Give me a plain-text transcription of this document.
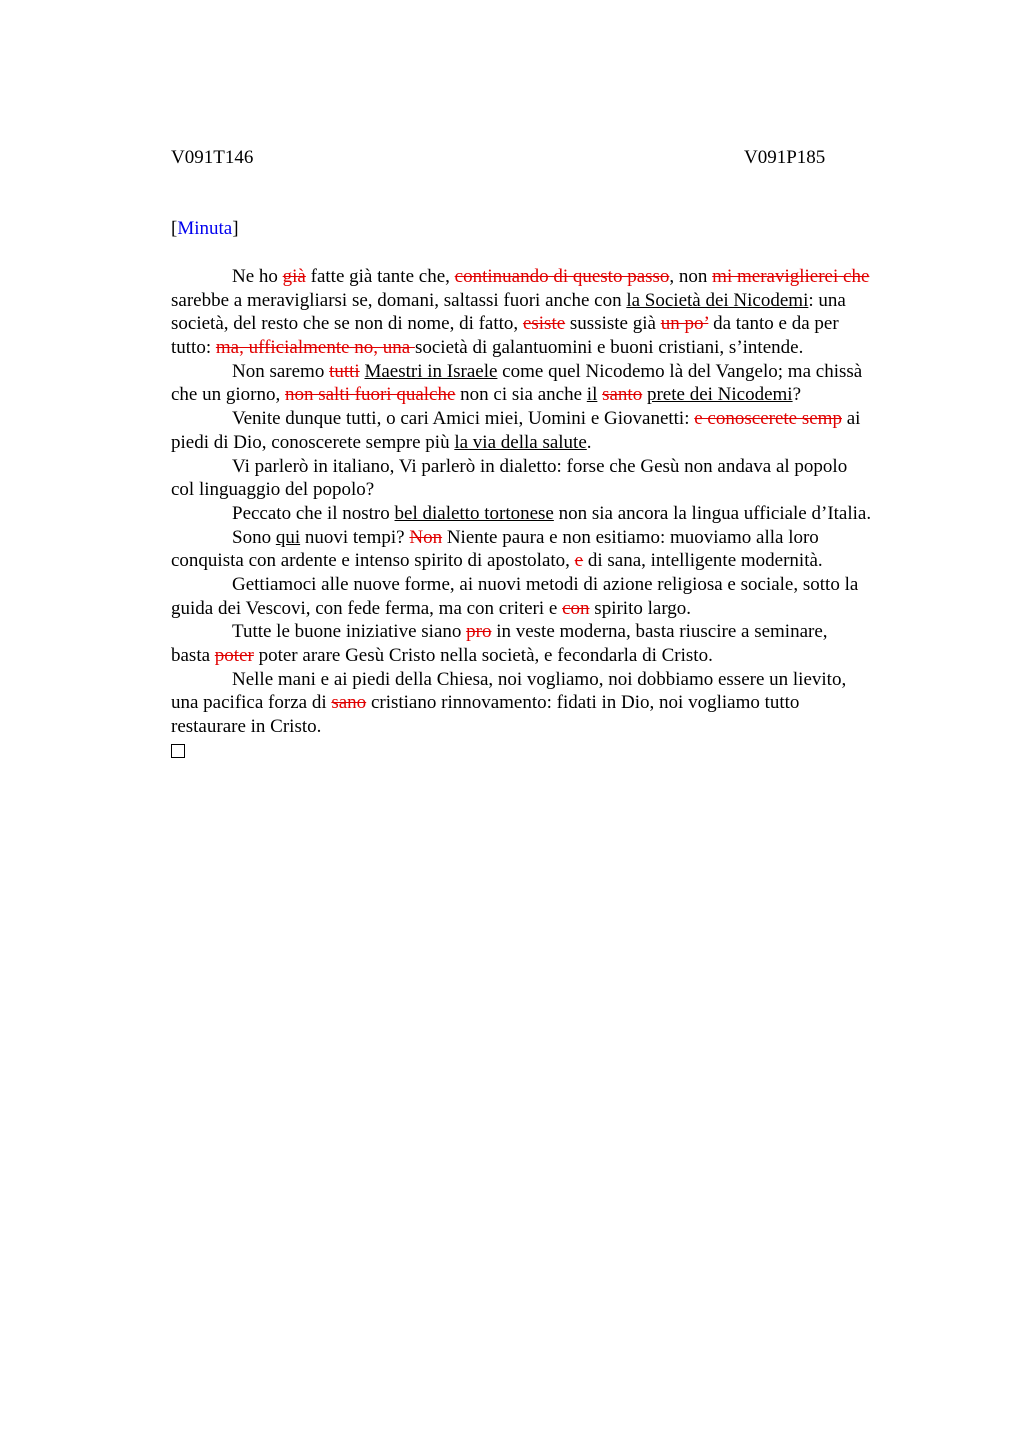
V091T146	V091P185
[Minuta]
Ne ho già fatte già tante che, continuando di questo passo, non mi meraviglierei che
sarebbe a meravigliarsi se, domani, saltassi fuori anche con la Società dei Nicodemi: una
società, del resto che se non di nome, di fatto, esiste sussiste già un po’ da tanto e da per
tutto: ma, ufficialmente no, una società di galantuomini e buoni cristiani, s’intende.
Non saremo tutti Maestri in Israele come quel Nicodemo là del Vangelo; ma chissà
che un giorno, non salti fuori qualche non ci sia anche il santo prete dei Nicodemi?
Venite dunque tutti, o cari Amici miei, Uomini e Giovanetti: e conoscerete semp ai
piedi di Dio, conoscerete sempre più la via della salute.
Vi parlerò in italiano, Vi parlerò in dialetto: forse che Gesù non andava al popolo
col linguaggio del popolo?
Peccato che il nostro bel dialetto tortonese non sia ancora la lingua ufficiale d’Italia.
Sono qui nuovi tempi? Non Niente paura e non esitiamo: muoviamo alla loro
conquista con ardente e intenso spirito di apostolato, e di sana, intelligente modernità.
Gettiamoci alle nuove forme, ai nuovi metodi di azione religiosa e sociale, sotto la
guida dei Vescovi, con fede ferma, ma con criteri e con spirito largo.
Tutte le buone iniziative siano pro in veste moderna, basta riuscire a seminare,
basta poter poter arare Gesù Cristo nella società, e fecondarla di Cristo.
Nelle mani e ai piedi della Chiesa, noi vogliamo, noi dobbiamo essere un lievito,
una pacifica forza di sano cristiano rinnovamento: fidati in Dio, noi vogliamo tutto
restaurare in Cristo.
